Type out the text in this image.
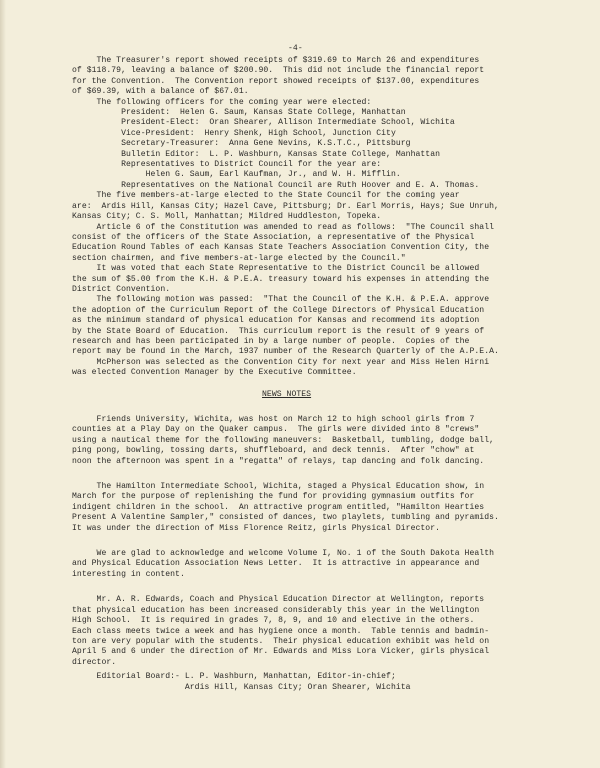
-4-

The Treasurer's report showed receipts of $319.69 to March 26 and expenditures

of $118.79, leaving a balance of $200.90.  This did not include the financial report

for the Convention.  The Convention report showed receipts of $137.00, expenditures

of $69.39, with a balance of $67.01.

The following officers for the coming year were elected:

President:  Helen G. Saum, Kansas State College, Manhattan

President-Elect:  Oran Shearer, Allison Intermediate School, Wichita

Vice-President:  Henry Shenk, High School, Junction City

Secretary-Treasurer:  Anna Gene Nevins, K.S.T.C., Pittsburg

Bulletin Editor:  L. P. Washburn, Kansas State College, Manhattan

Representatives to District Council for the year are:

Helen G. Saum, Earl Kaufman, Jr., and W. H. Mifflin.

Representatives on the National Council are Ruth Hoover and E. A. Thomas.

The five members-at-large elected to the State Council for the coming year

are:  Ardis Hill, Kansas City; Hazel Cave, Pittsburg; Dr. Earl Morris, Hays; Sue Unruh,

Kansas City; C. S. Moll, Manhattan; Mildred Huddleston, Topeka.

Article 6 of the Constitution was amended to read as follows:  "The Council shall

consist of the officers of the State Association, a representative of the Physical

Education Round Tables of each Kansas State Teachers Association Convention City, the

section chairmen, and five members-at-large elected by the Council."

It was voted that each State Representative to the District Council be allowed

the sum of $5.00 from the K.H. & P.E.A. treasury toward his expenses in attending the

District Convention.

The following motion was passed:  "That the Council of the K.H. & P.E.A. approve

the adoption of the Curriculum Report of the College Directors of Physical Education

as the minimum standard of physical education for Kansas and recommend its adoption

by the State Board of Education.  This curriculum report is the result of 9 years of

research and has been participated in by a large number of people.  Copies of the

report may be found in the March, 1937 number of the Research Quarterly of the A.P.E.A.

McPherson was selected as the Convention City for next year and Miss Helen Hirni

was elected Convention Manager by the Executive Committee.

NEWS NOTES

Friends University, Wichita, was host on March 12 to high school girls from 7

counties at a Play Day on the Quaker campus.  The girls were divided into 8 "crews"

using a nautical theme for the following maneuvers:  Basketball, tumbling, dodge ball,

ping pong, bowling, tossing darts, shuffleboard, and deck tennis.  After "chow" at

noon the afternoon was spent in a "regatta" of relays, tap dancing and folk dancing.

The Hamilton Intermediate School, Wichita, staged a Physical Education show, in

March for the purpose of replenishing the fund for providing gymnasium outfits for

indigent children in the school.  An attractive program entitled, "Hamilton Hearties

Present A Valentine Sampler," consisted of dances, two playlets, tumbling and pyramids.

It was under the direction of Miss Florence Reitz, girls Physical Director.

We are glad to acknowledge and welcome Volume I, No. 1 of the South Dakota Health

and Physical Education Association News Letter.  It is attractive in appearance and

interesting in content.

Mr. A. R. Edwards, Coach and Physical Education Director at Wellington, reports

that physical education has been increased considerably this year in the Wellington

High School.  It is required in grades 7, 8, 9, and 10 and elective in the others.

Each class meets twice a week and has hygiene once a month.  Table tennis and badmin-

ton are very popular with the students.  Their physical education exhibit was held on

April 5 and 6 under the direction of Mr. Edwards and Miss Lora Vicker, girls physical

director.

Editorial Board:- L. P. Washburn, Manhattan, Editor-in-chief;

Ardis Hill, Kansas City; Oran Shearer, Wichita
